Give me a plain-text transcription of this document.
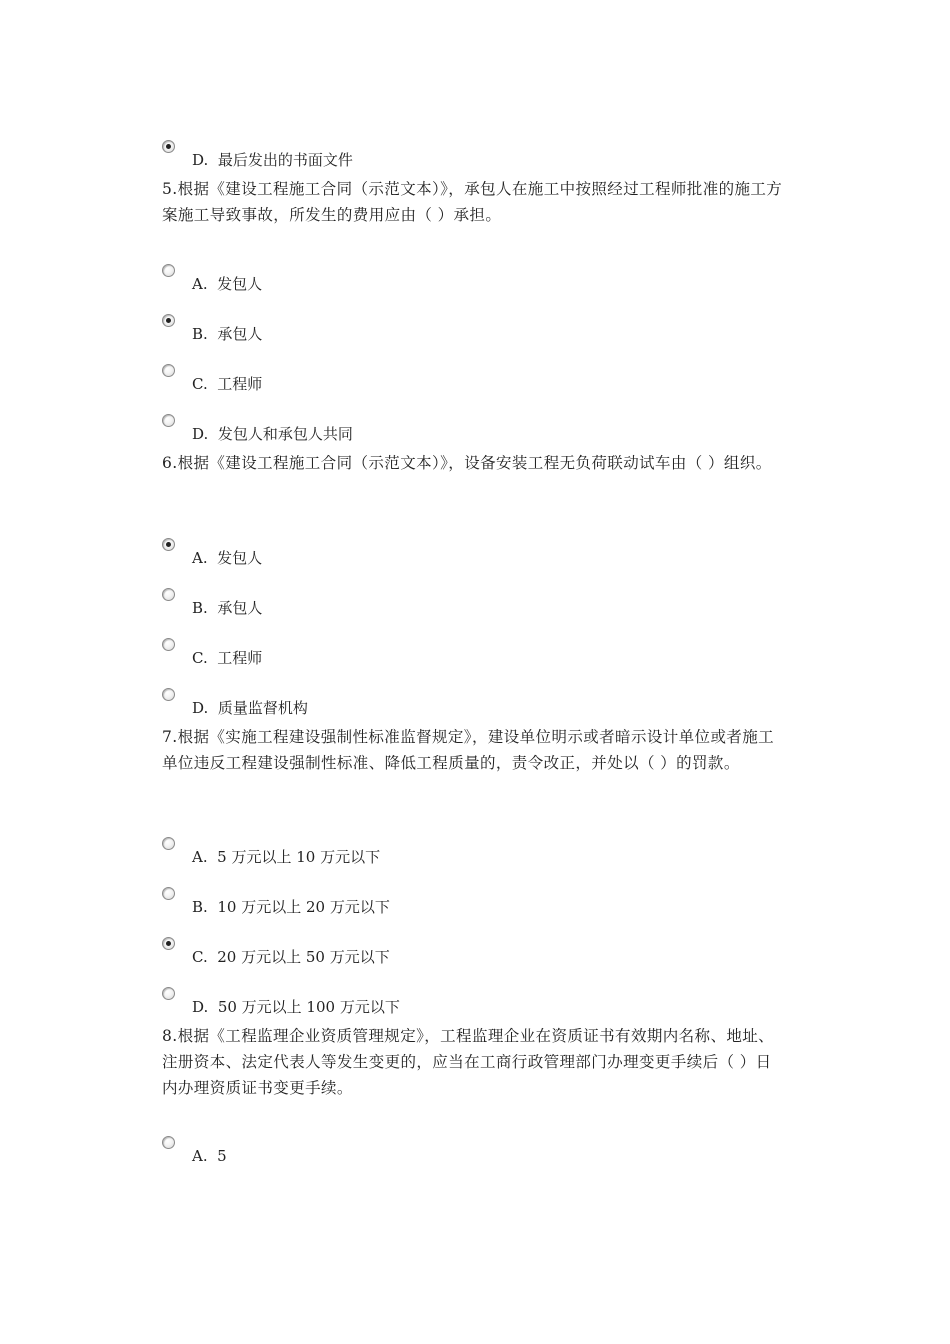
D. 最后发出的书面文件
5.根据《建设工程施工合同（示范文本）》，承包人在施工中按照经过工程师批准的施工方案施工导致事故，所发生的费用应由（ ）承担。
A. 发包人
B. 承包人
C. 工程师
D. 发包人和承包人共同
6.根据《建设工程施工合同（示范文本）》，设备安装工程无负荷联动试车由（ ）组织。
A. 发包人
B. 承包人
C. 工程师
D. 质量监督机构
7.根据《实施工程建设强制性标准监督规定》，建设单位明示或者暗示设计单位或者施工单位违反工程建设强制性标准、降低工程质量的，责令改正，并处以（ ）的罚款。
A. 5 万元以上 10 万元以下
B. 10 万元以上 20 万元以下
C. 20 万元以上 50 万元以下
D. 50 万元以上 100 万元以下
8.根据《工程监理企业资质管理规定》，工程监理企业在资质证书有效期内名称、地址、注册资本、法定代表人等发生变更的，应当在工商行政管理部门办理变更手续后（ ）日内办理资质证书变更手续。
A. 5
